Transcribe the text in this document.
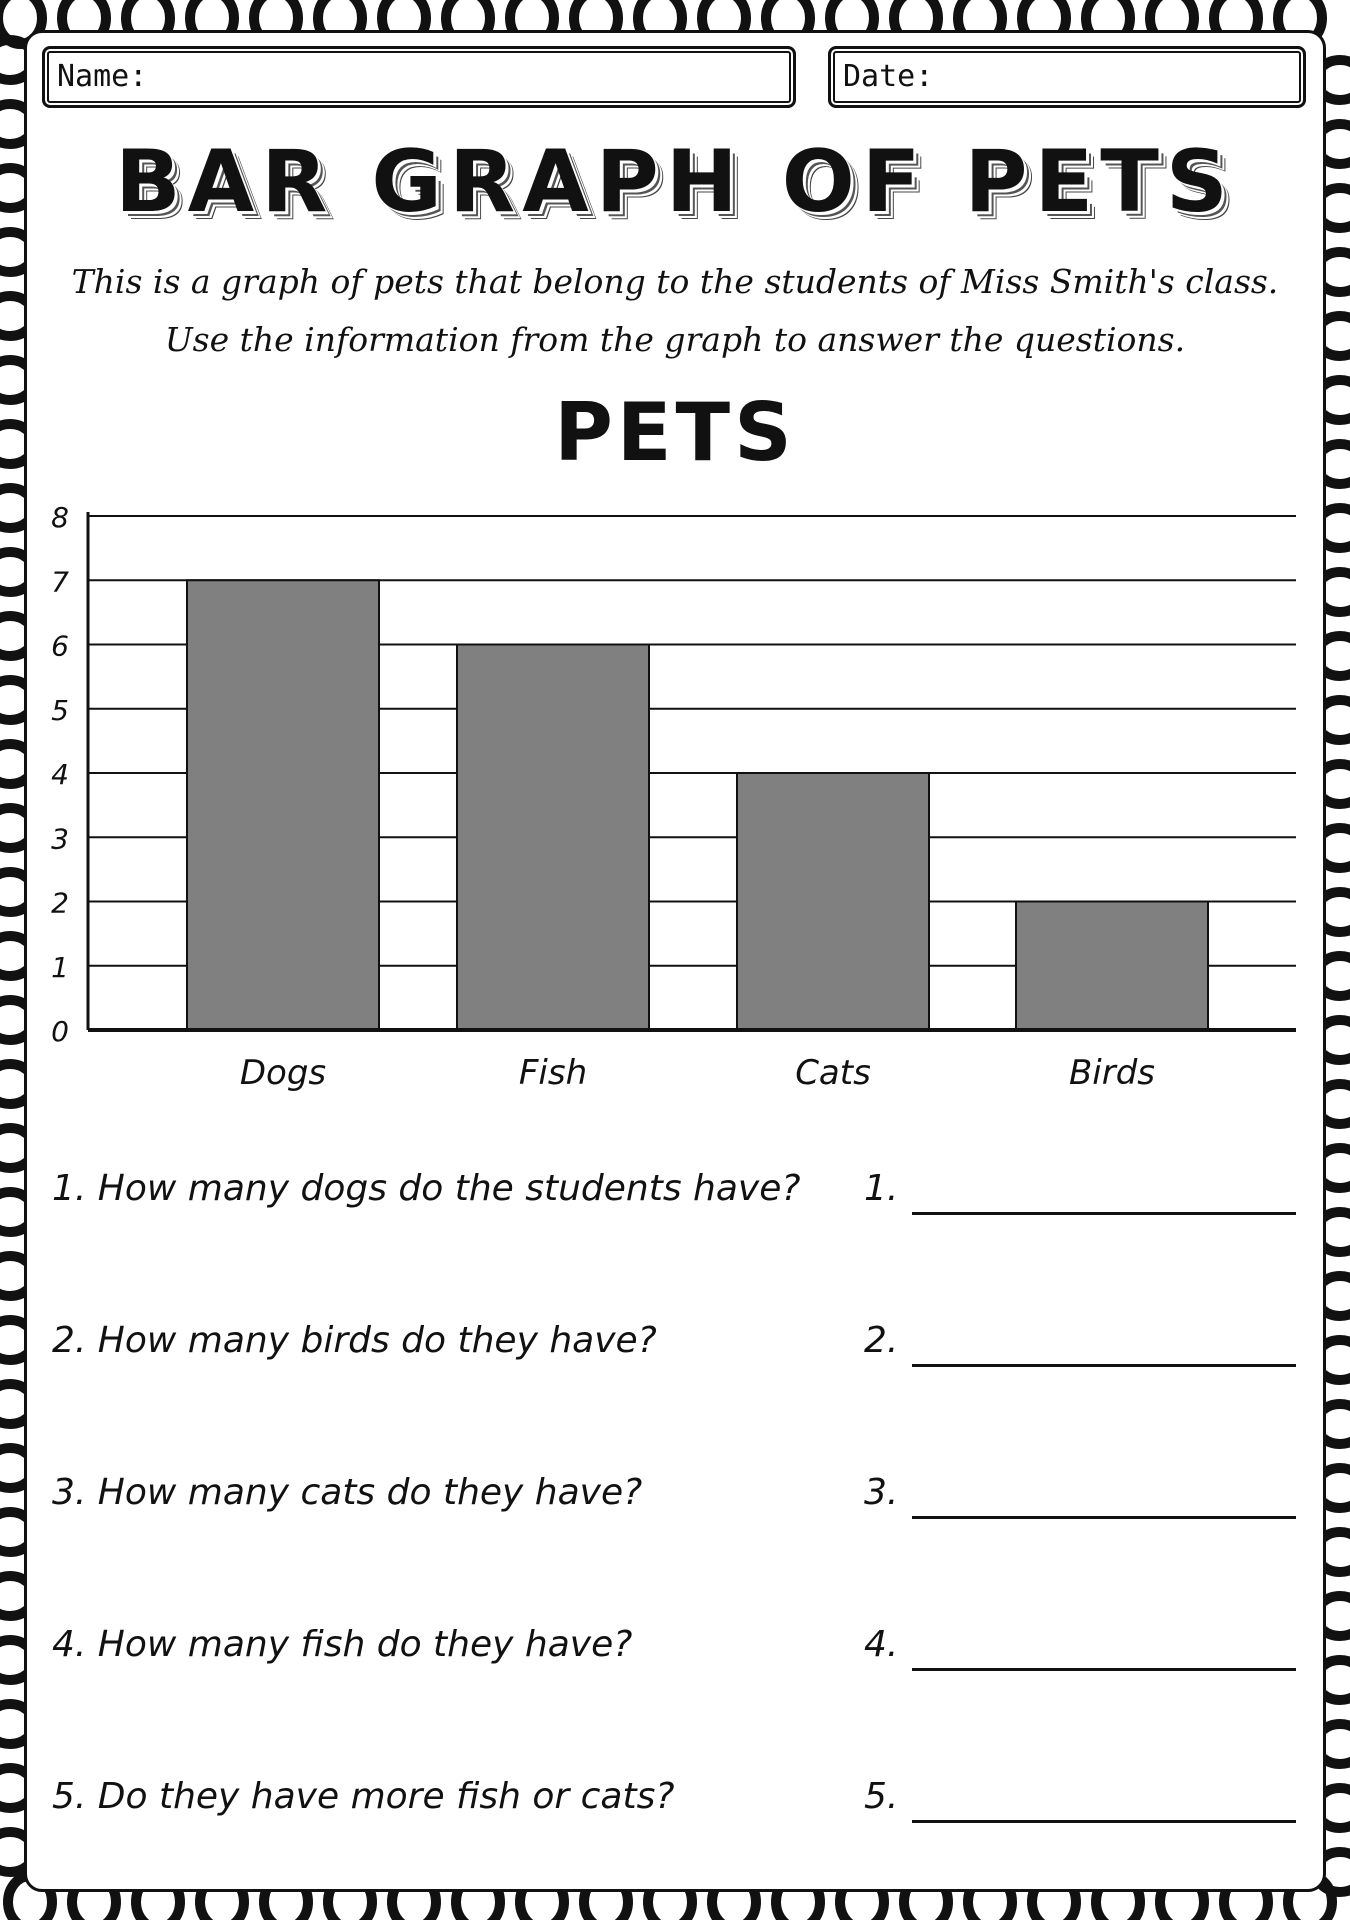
Name:	Date:
BAR GRAPH OF PETS
This is a graph of pets that belong to the students of Miss Smith's class.
Use the information from the graph to answer the questions.
PETS
0
1
2
3
4
5
6
7
8
Dogs	Fish	Cats	Birds
1. How many dogs do the students have? 1.
2. How many birds do they have?	2.
3. How many cats do they have?	3.
4. How many fish do they have?	4.
5. Do they have more fish or cats?	5.
